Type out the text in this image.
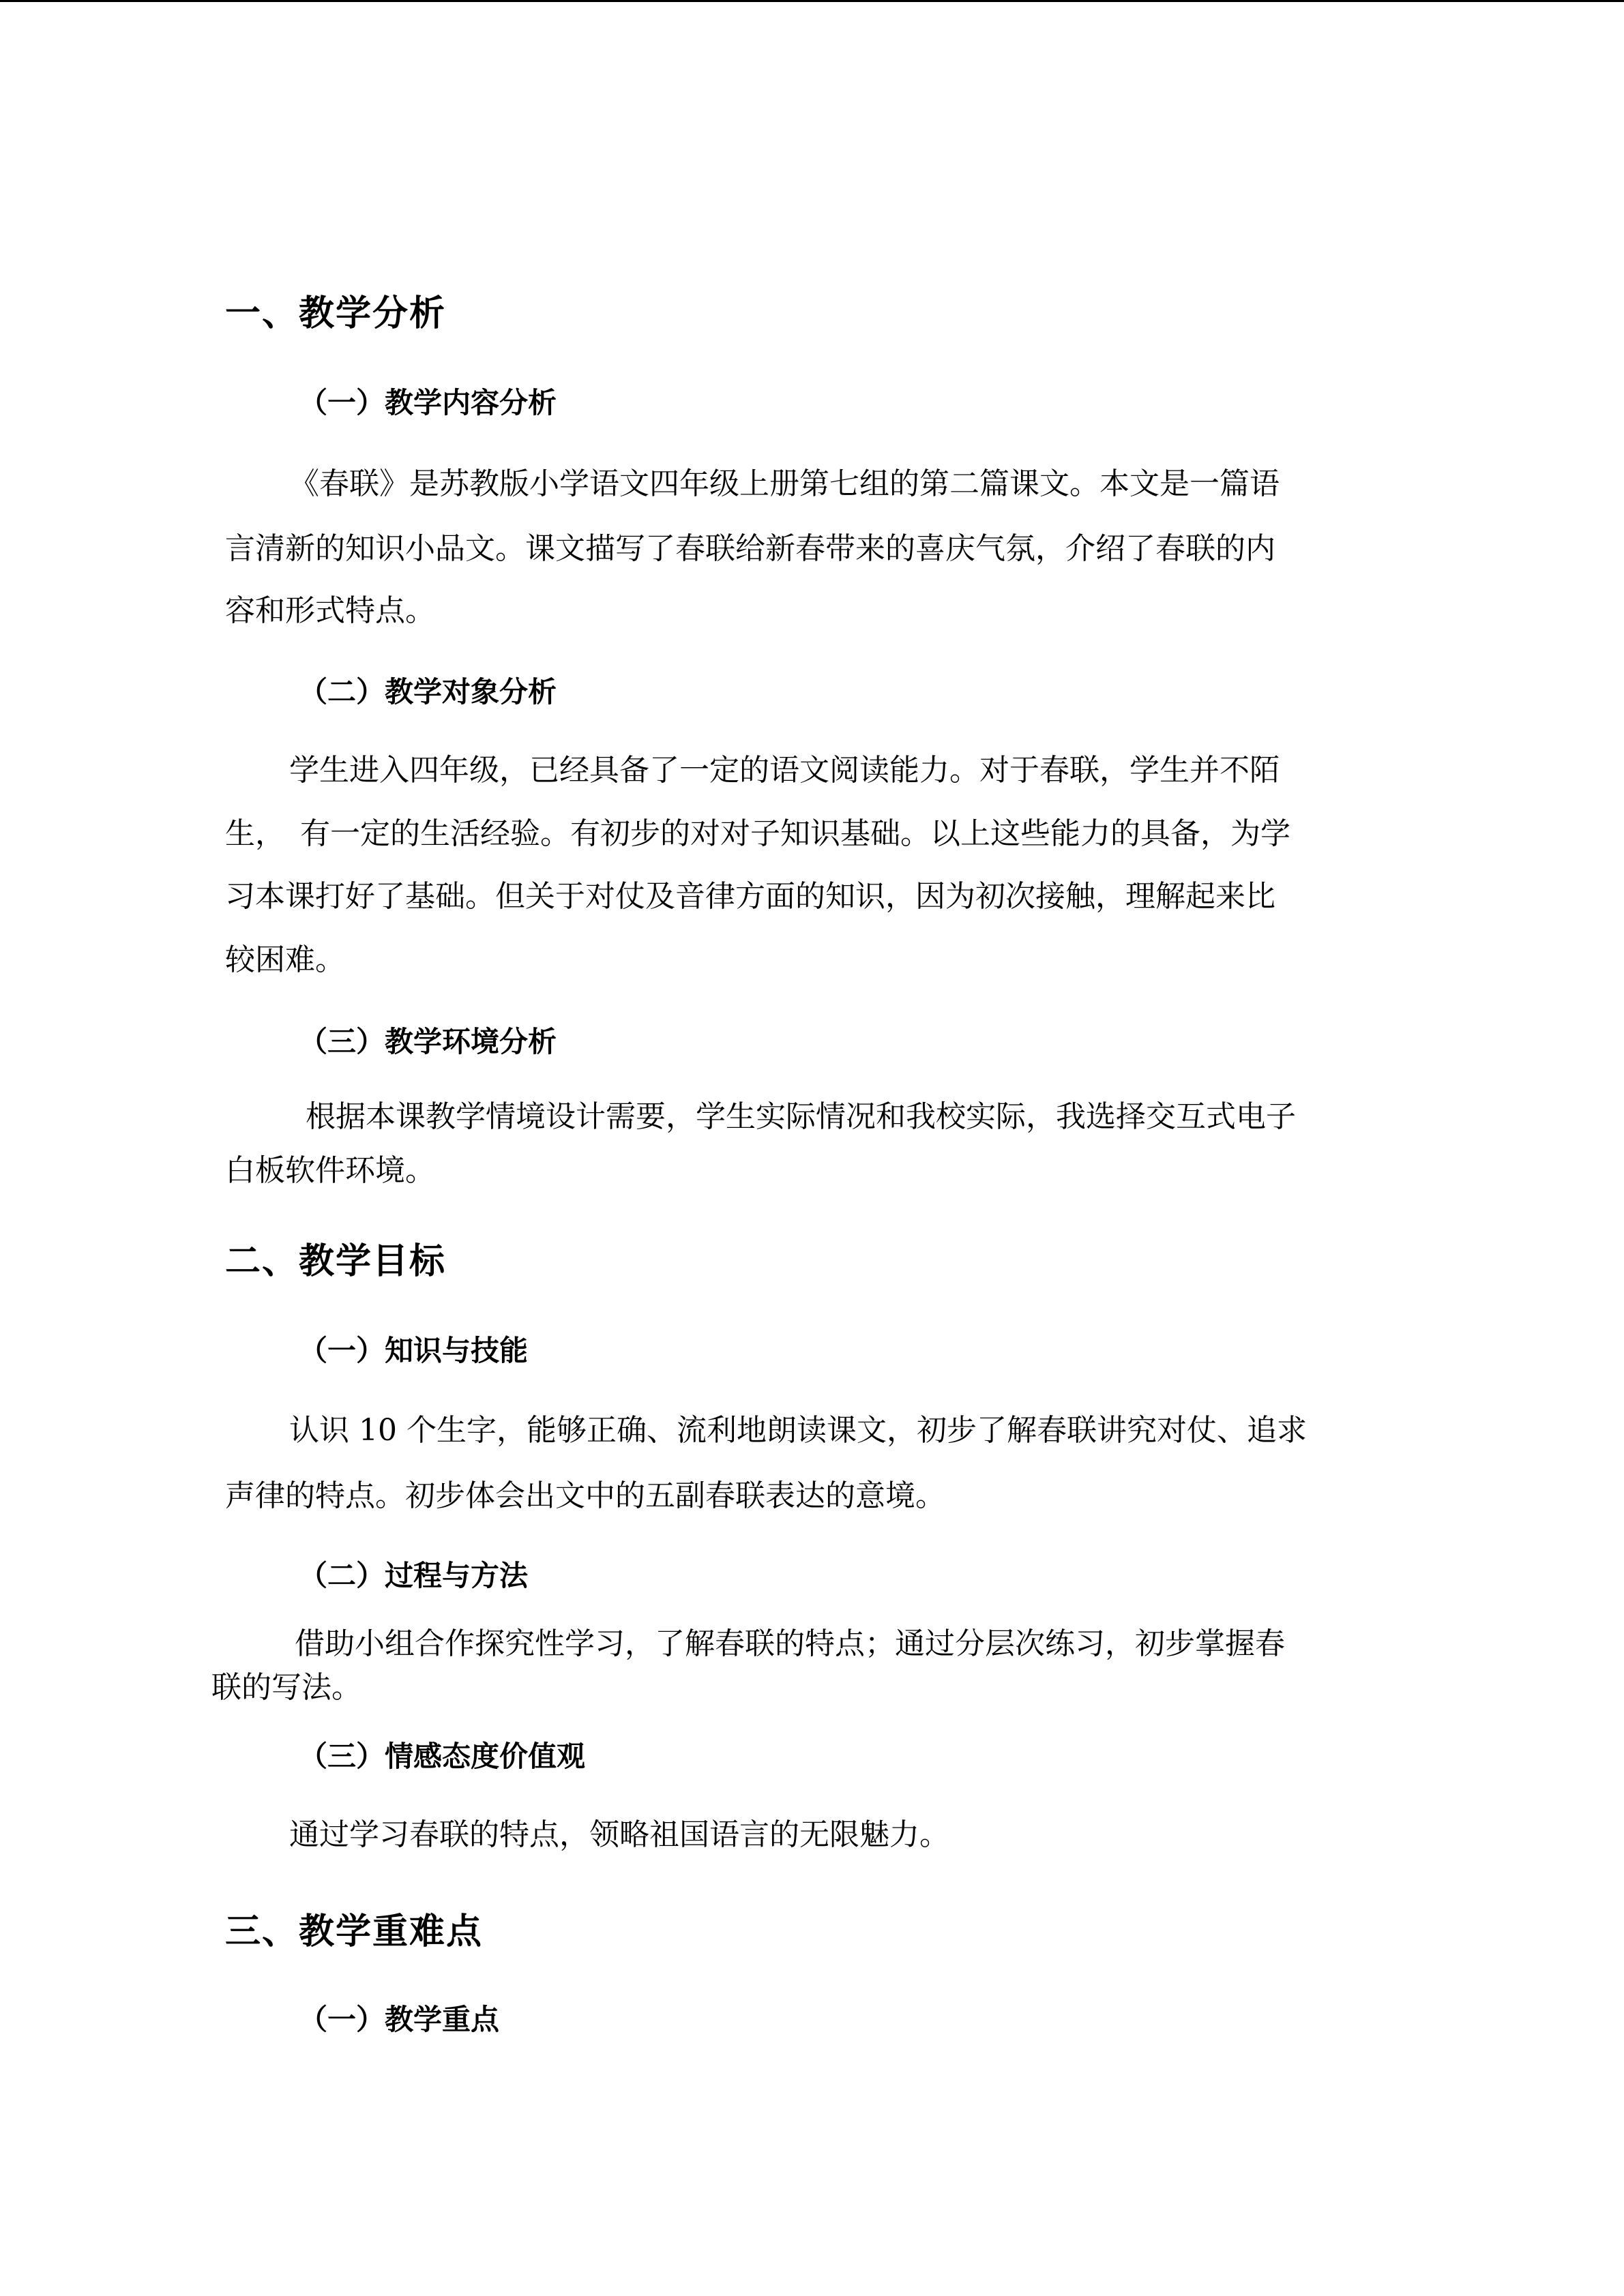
一、教学分析
（一）教学内容分析
《春联》是苏教版小学语文四年级上册第七组的第二篇课文。本文是一篇语
言清新的知识小品文。课文描写了春联给新春带来的喜庆气氛，介绍了春联的内
容和形式特点。
（二）教学对象分析
学生进入四年级，已经具备了一定的语文阅读能力。对于春联，学生并不陌
生，　有一定的生活经验。有初步的对对子知识基础。以上这些能力的具备，为学
习本课打好了基础。但关于对仗及音律方面的知识，因为初次接触，理解起来比
较困难。
（三）教学环境分析
根据本课教学情境设计需要，学生实际情况和我校实际，我选择交互式电子
白板软件环境。
二、教学目标
（一）知识与技能
认识 10 个生字，能够正确、流利地朗读课文，初步了解春联讲究对仗、追求
声律的特点。初步体会出文中的五副春联表达的意境。
（二）过程与方法
借助小组合作探究性学习，了解春联的特点；通过分层次练习，初步掌握春
联的写法。
（三）情感态度价值观
通过学习春联的特点，领略祖国语言的无限魅力。
三、教学重难点
（一）教学重点
